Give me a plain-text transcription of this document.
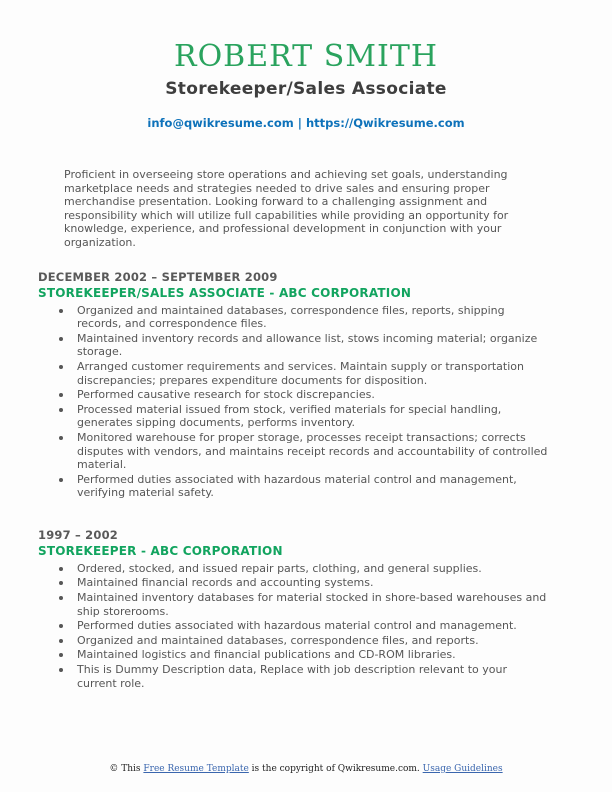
ROBERT SMITH
Storekeeper/Sales Associate
info@qwikresume.com | https://Qwikresume.com
Proficient in overseeing store operations and achieving set goals, understanding marketplace needs and strategies needed to drive sales and ensuring proper merchandise presentation. Looking forward to a challenging assignment and responsibility which will utilize full capabilities while providing an opportunity for knowledge, experience, and professional development in conjunction with your organization.
DECEMBER 2002 – SEPTEMBER 2009
STOREKEEPER/SALES ASSOCIATE - ABC CORPORATION
Organized and maintained databases, correspondence files, reports, shipping records, and correspondence files.
Maintained inventory records and allowance list, stows incoming material; organize storage.
Arranged customer requirements and services. Maintain supply or transportation discrepancies; prepares expenditure documents for disposition.
Performed causative research for stock discrepancies.
Processed material issued from stock, verified materials for special handling, generates sipping documents, performs inventory.
Monitored warehouse for proper storage, processes receipt transactions; corrects disputes with vendors, and maintains receipt records and accountability of controlled material.
Performed duties associated with hazardous material control and management, verifying material safety.
1997 – 2002
STOREKEEPER - ABC CORPORATION
Ordered, stocked, and issued repair parts, clothing, and general supplies.
Maintained financial records and accounting systems.
Maintained inventory databases for material stocked in shore-based warehouses and ship storerooms.
Performed duties associated with hazardous material control and management.
Organized and maintained databases, correspondence files, and reports.
Maintained logistics and financial publications and CD-ROM libraries.
This is Dummy Description data, Replace with job description relevant to your current role.
© This Free Resume Template is the copyright of Qwikresume.com. Usage Guidelines
